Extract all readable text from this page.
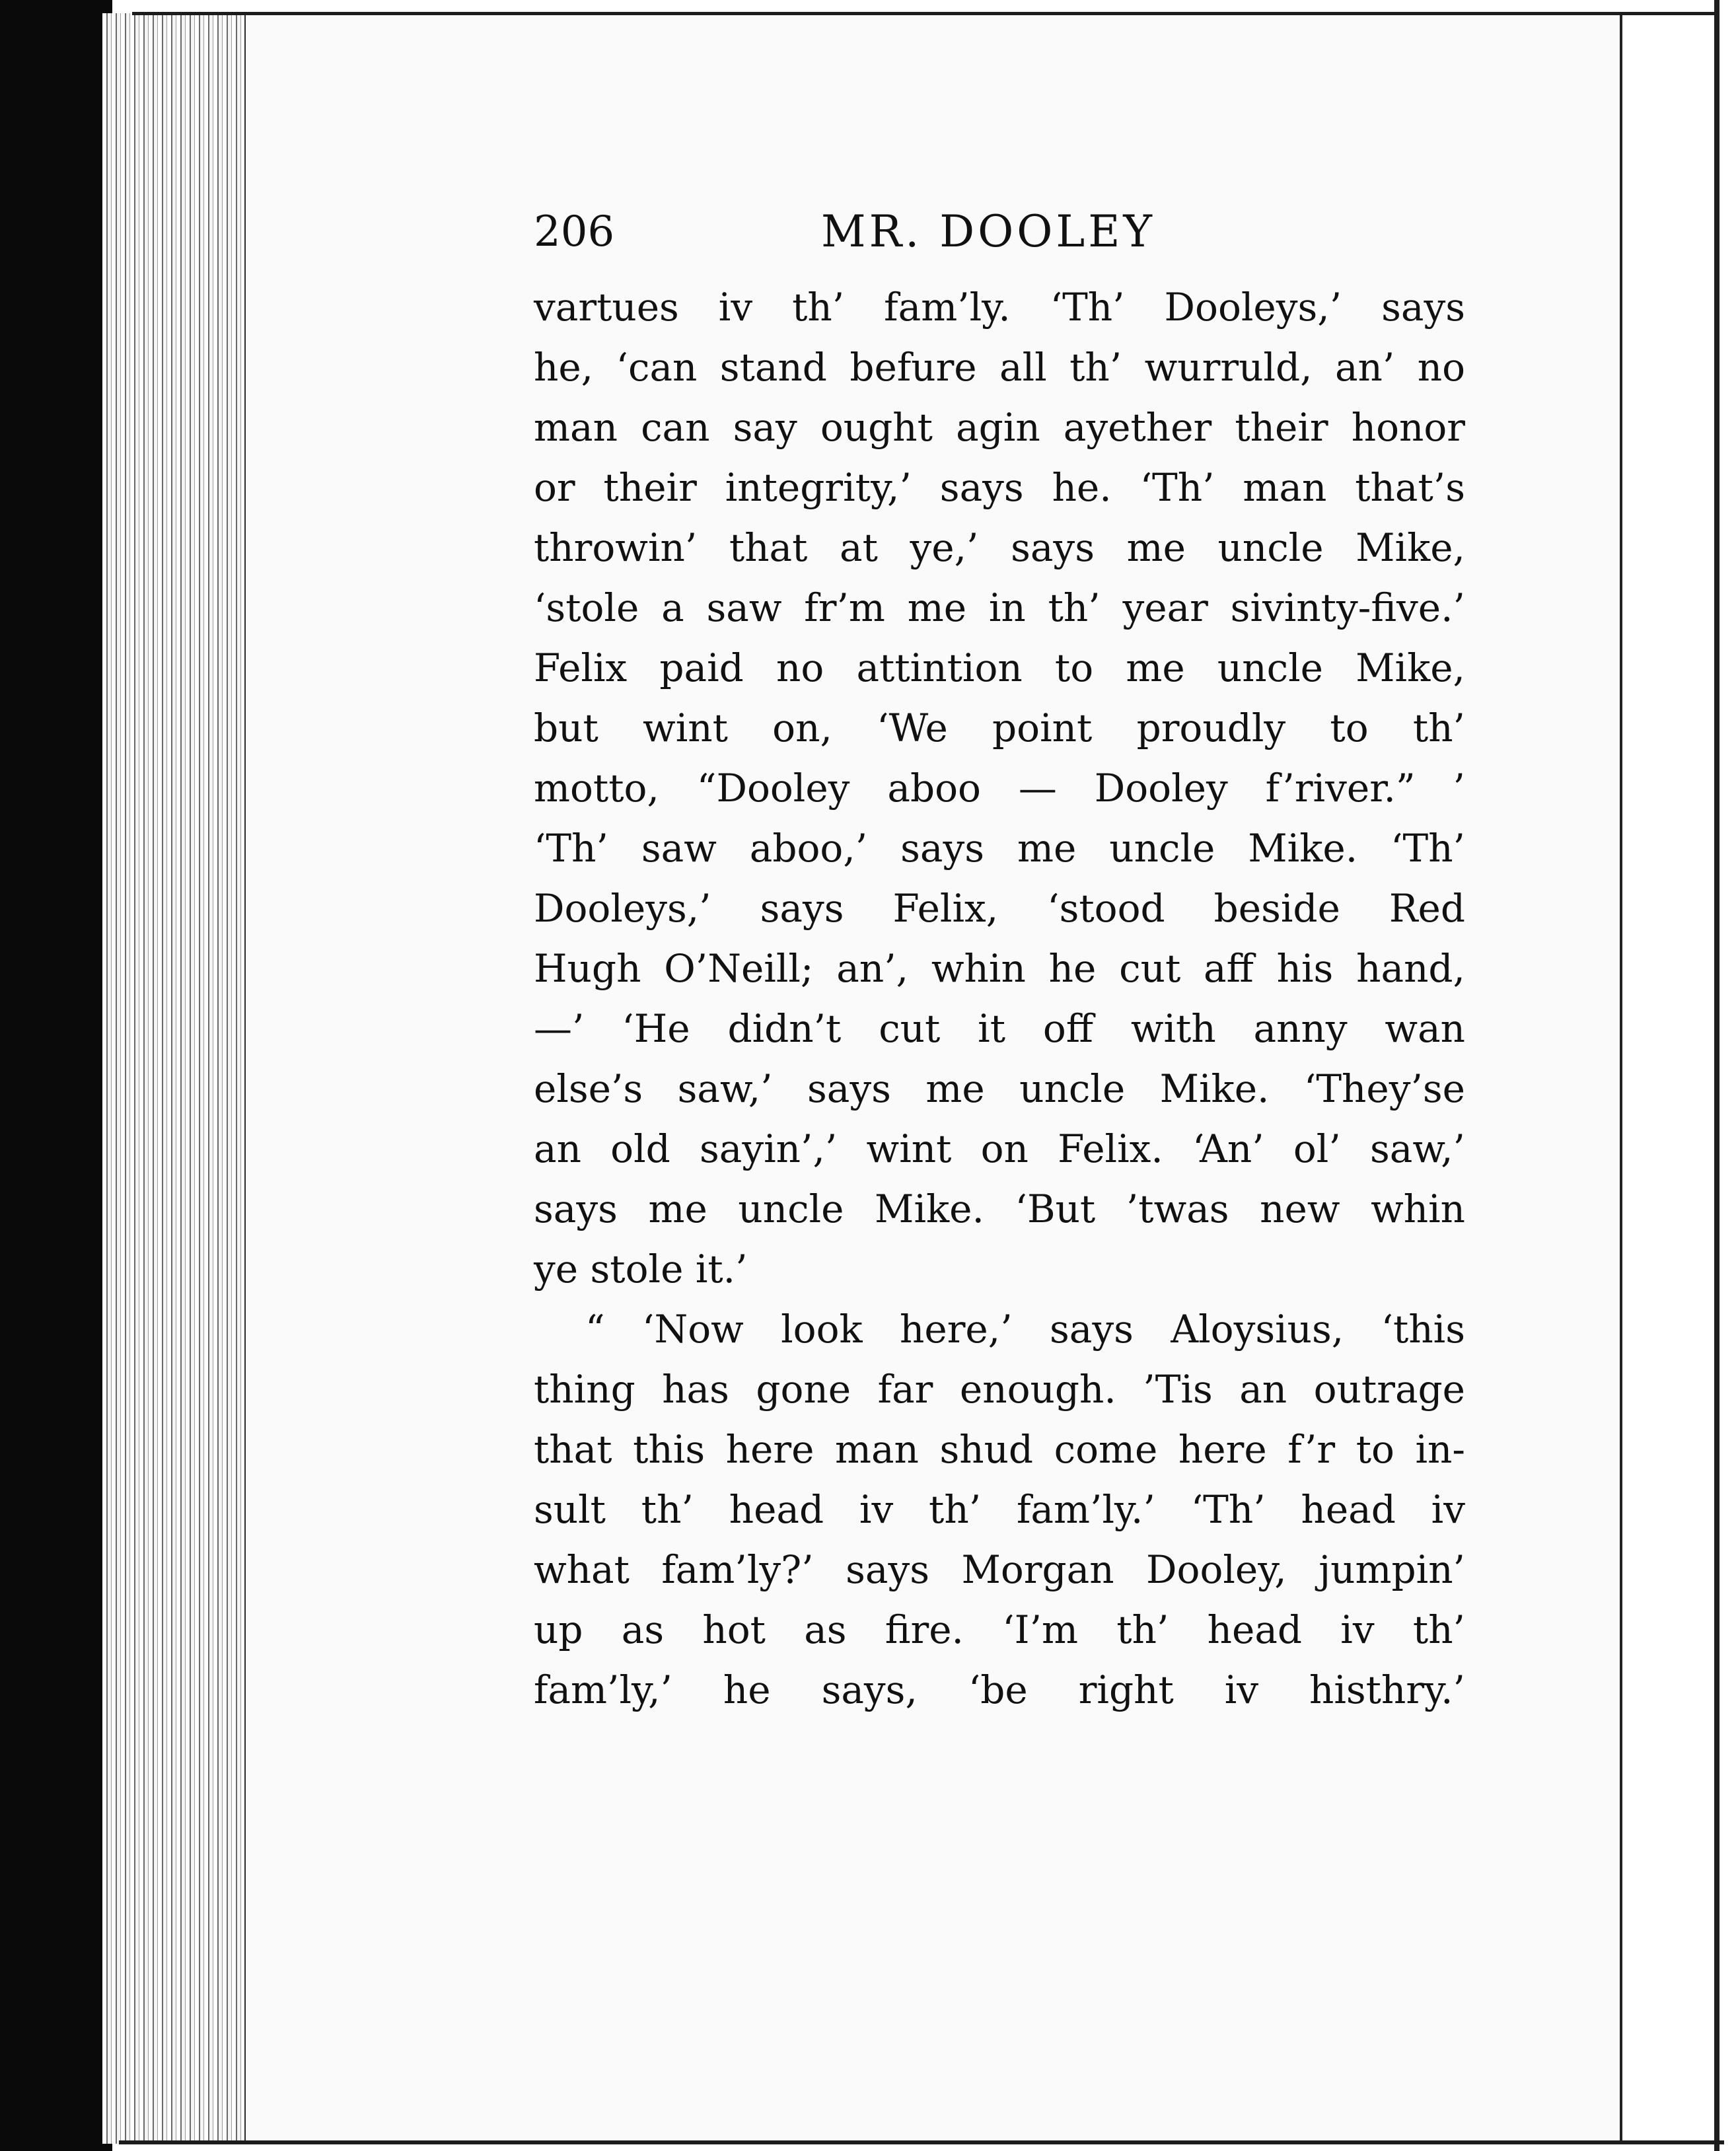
206	MR. DOOLEY
vartues iv th’ fam’ly. ‘Th’ Dooleys,’ says
he, ‘can stand befure all th’ wurruld, an’ no
man can say ought agin ayether their honor
or their integrity,’ says he. ‘Th’ man that’s
throwin’ that at ye,’ says me uncle Mike,
‘stole a saw fr’m me in th’ year sivinty-five.’
Felix paid no attintion to me uncle Mike,
but wint on, ‘We point proudly to th’
motto, “Dooley aboo — Dooley f’river.” ’
‘Th’ saw aboo,’ says me uncle Mike. ‘Th’
Dooleys,’ says Felix, ‘stood beside Red
Hugh O’Neill; an’, whin he cut aff his hand,
—’ ‘He didn’t cut it off with anny wan
else’s saw,’ says me uncle Mike. ‘They’se
an old sayin’,’ wint on Felix. ‘An’ ol’ saw,’
says me uncle Mike. ‘But ’twas new whin
ye stole it.’
“ ‘Now look here,’ says Aloysius, ‘this
thing has gone far enough. ’Tis an outrage
that this here man shud come here f’r to in-
sult th’ head iv th’ fam’ly.’ ‘Th’ head iv
what fam’ly?’ says Morgan Dooley, jumpin’
up as hot as fire. ‘I’m th’ head iv th’
fam’ly,’ he says, ‘be right iv histhry.’
